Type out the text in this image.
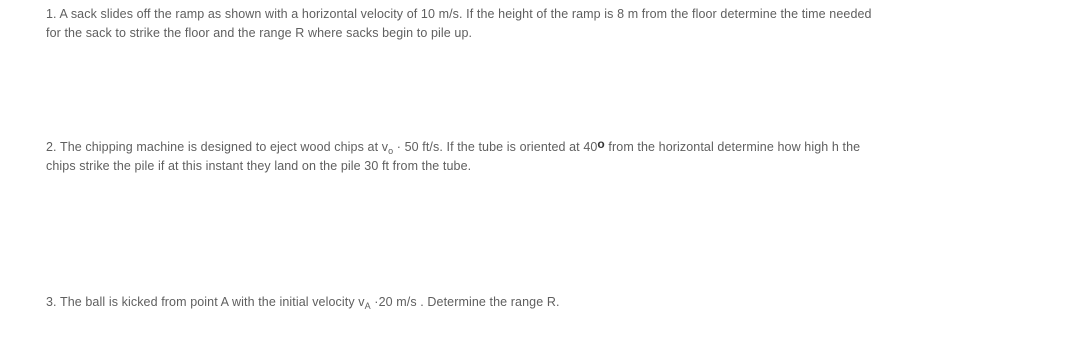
1. A sack slides off the ramp as shown with a horizontal velocity of 10 m/s. If the height of the ramp is 8 m from the floor determine the time needed
for the sack to strike the floor and the range R where sacks begin to pile up.
2. The chipping machine is designed to eject wood chips at $v_o \cdot 50$ ft/s. If the tube is oriented at 40$^o$ from the horizontal determine how high h the
chips strike the pile if at this instant they land on the pile 30 ft from the tube.
3. The ball is kicked from point A with the initial velocity $v_A \cdot 20$ m/s . Determine the range R.
